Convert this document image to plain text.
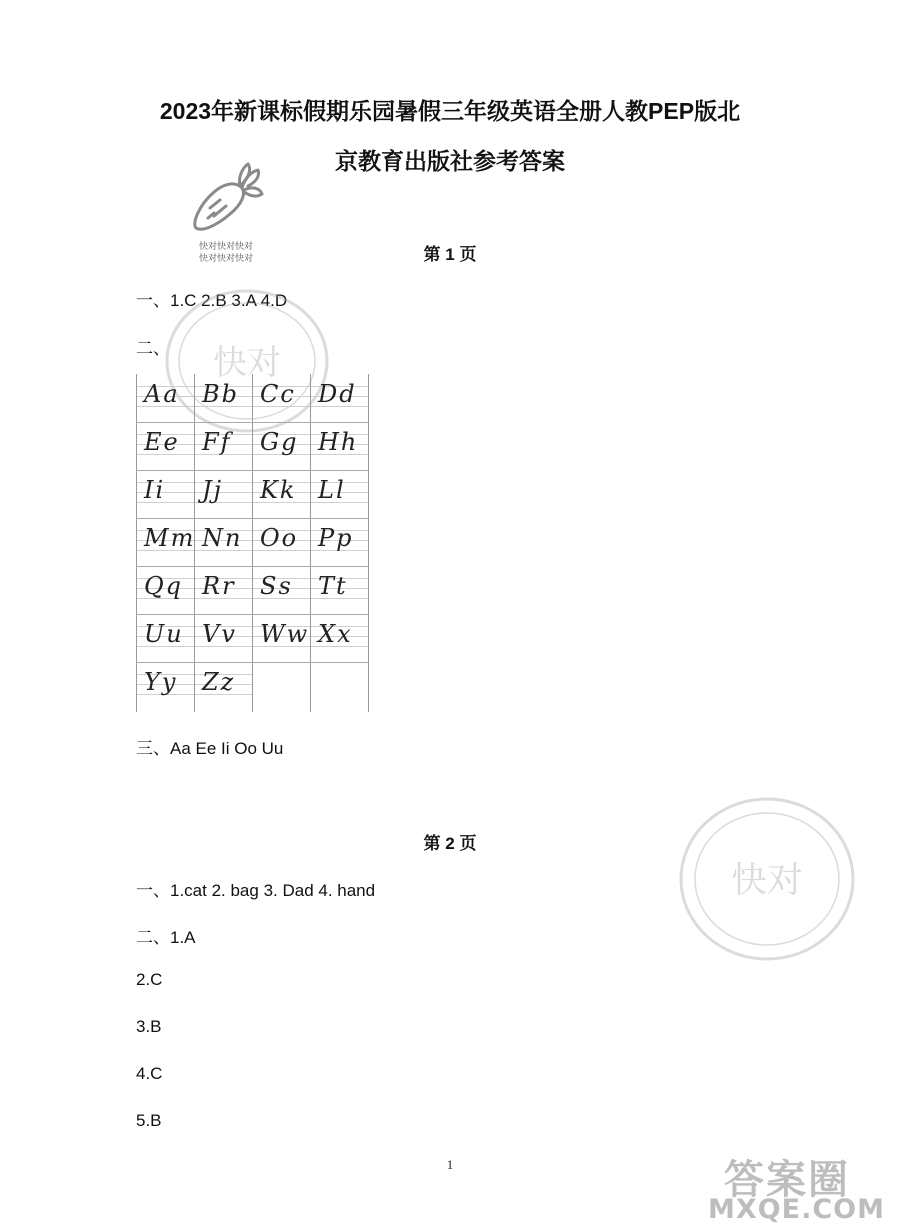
2023年新课标假期乐园暑假三年级英语全册人教PEP版北
京教育出版社参考答案
快对快对快对
快对快对快对	第 1 页
一、1.C 2.B 3.A 4.D
二、 快对
Aa Bb Cc Dd
Ee Ff Gg Hh
Ii Jj Kk Ll
Mm Nn Oo Pp
Qq Rr Ss Tt
Uu Vv Ww Xx
Yy Zz
三、Aa Ee Ii Oo Uu
第 2 页
快对
一、1.cat 2. bag 3. Dad 4. hand
二、1.A
2.C
3.B
4.C
5.B
1	答案圈
MXQE.COM
